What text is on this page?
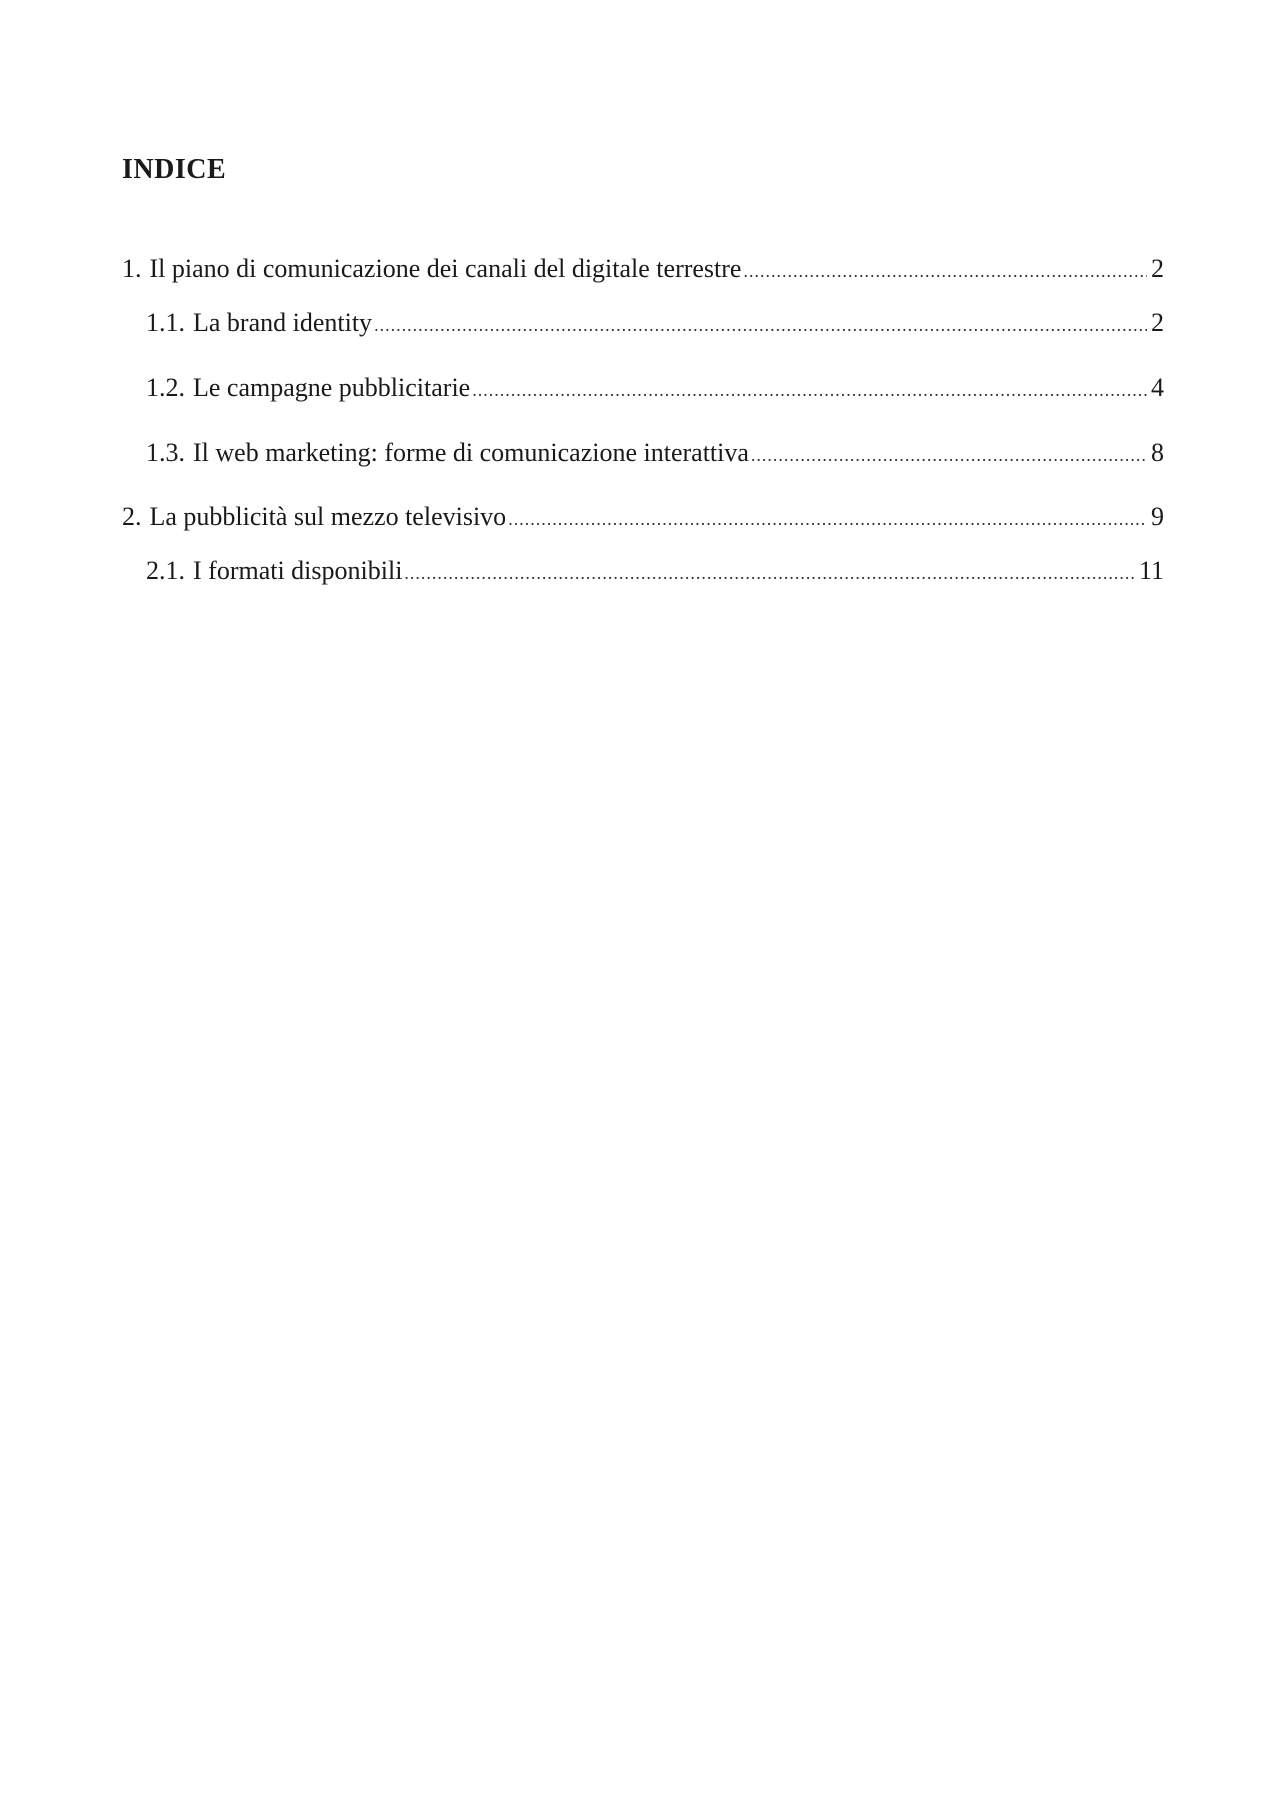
INDICE
1. Il piano di comunicazione dei canali del digitale terrestre .....	2
1.1. La brand identity .....	2
1.2. Le campagne pubblicitarie .....	4
1.3. Il web marketing: forme di comunicazione interattiva .....	8
2. La pubblicità sul mezzo televisivo .....	9
2.1. I formati disponibili .....	11
